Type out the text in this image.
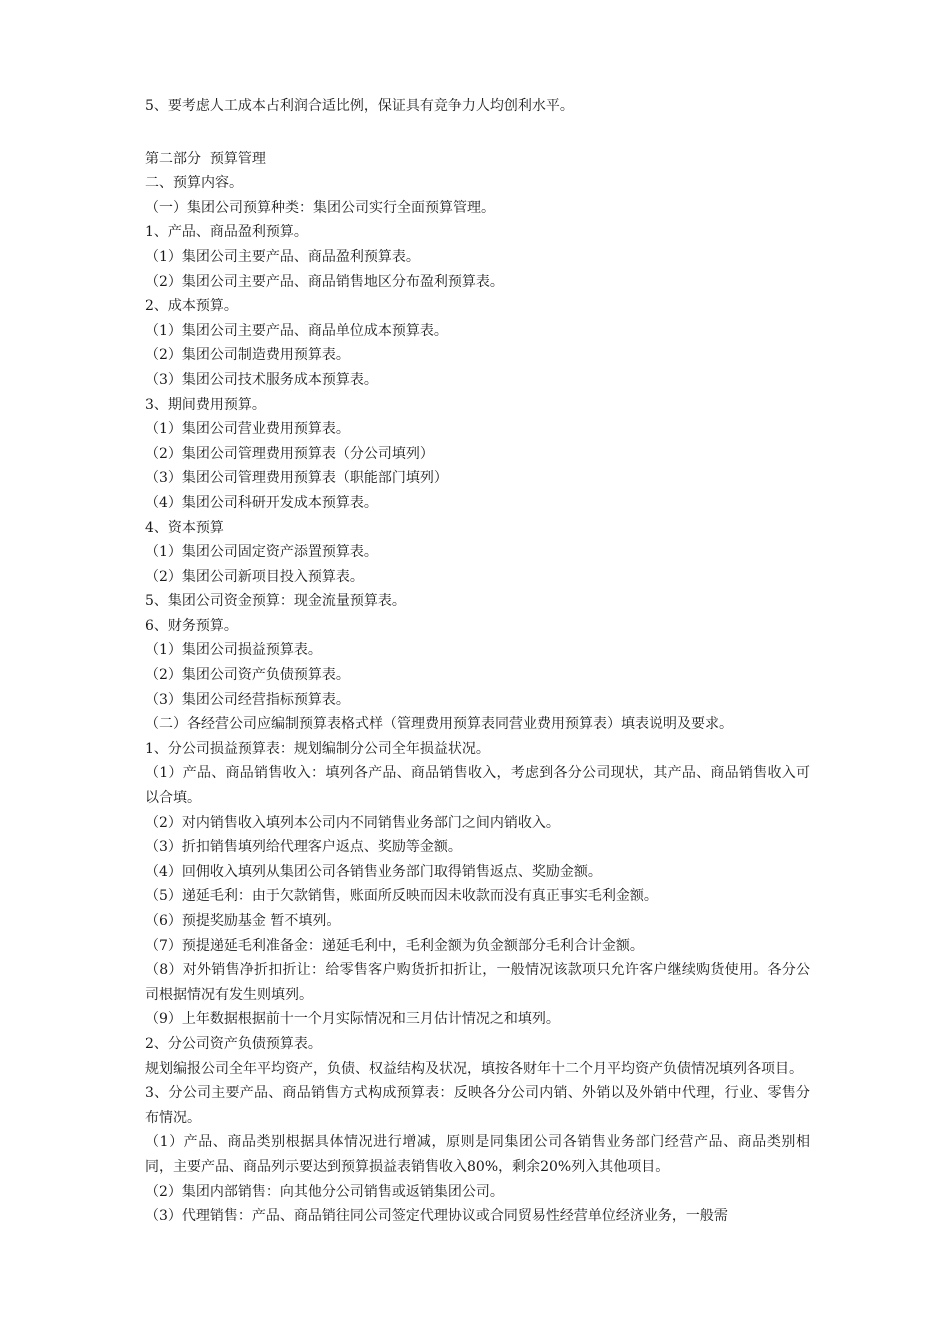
5、要考虑人工成本占利润合适比例，保证具有竞争力人均创利水平。

第二部分  预算管理

二、预算内容。

（一）集团公司预算种类：集团公司实行全面预算管理。

1、产品、商品盈利预算。

（1）集团公司主要产品、商品盈利预算表。

（2）集团公司主要产品、商品销售地区分布盈利预算表。

2、成本预算。

（1）集团公司主要产品、商品单位成本预算表。

（2）集团公司制造费用预算表。

（3）集团公司技术服务成本预算表。

3、期间费用预算。

（1）集团公司营业费用预算表。

（2）集团公司管理费用预算表（分公司填列）

（3）集团公司管理费用预算表（职能部门填列）

（4）集团公司科研开发成本预算表。

4、资本预算

（1）集团公司固定资产添置预算表。

（2）集团公司新项目投入预算表。

5、集团公司资金预算：现金流量预算表。

6、财务预算。

（1）集团公司损益预算表。

（2）集团公司资产负债预算表。

（3）集团公司经营指标预算表。

（二）各经营公司应编制预算表格式样（管理费用预算表同营业费用预算表）填表说明及要求。

1、分公司损益预算表：规划编制分公司全年损益状况。

（1）产品、商品销售收入：填列各产品、商品销售收入，考虑到各分公司现状，其产品、商品销售收入可以合填。

（2）对内销售收入填列本公司内不同销售业务部门之间内销收入。

（3）折扣销售填列给代理客户返点、奖励等金额。

（4）回佣收入填列从集团公司各销售业务部门取得销售返点、奖励金额。

（5）递延毛利：由于欠款销售，账面所反映而因未收款而没有真正事实毛利金额。

（6）预提奖励基金 暂不填列。

（7）预提递延毛利准备金：递延毛利中，毛利金额为负金额部分毛利合计金额。

（8）对外销售净折扣折让：给零售客户购货折扣折让，一般情况该款项只允许客户继续购货使用。各分公司根据情况有发生则填列。

（9）上年数据根据前十一个月实际情况和三月估计情况之和填列。

2、分公司资产负债预算表。

规划编报公司全年平均资产，负债、权益结构及状况，填按各财年十二个月平均资产负债情况填列各项目。

3、分公司主要产品、商品销售方式构成预算表：反映各分公司内销、外销以及外销中代理，行业、零售分布情况。

（1）产品、商品类别根据具体情况进行增减，原则是同集团公司各销售业务部门经营产品、商品类别相同，主要产品、商品列示要达到预算损益表销售收入80%，剩余20%列入其他项目。

（2）集团内部销售：向其他分公司销售或返销集团公司。

（3）代理销售：产品、商品销往同公司签定代理协议或合同贸易性经营单位经济业务，一般需
